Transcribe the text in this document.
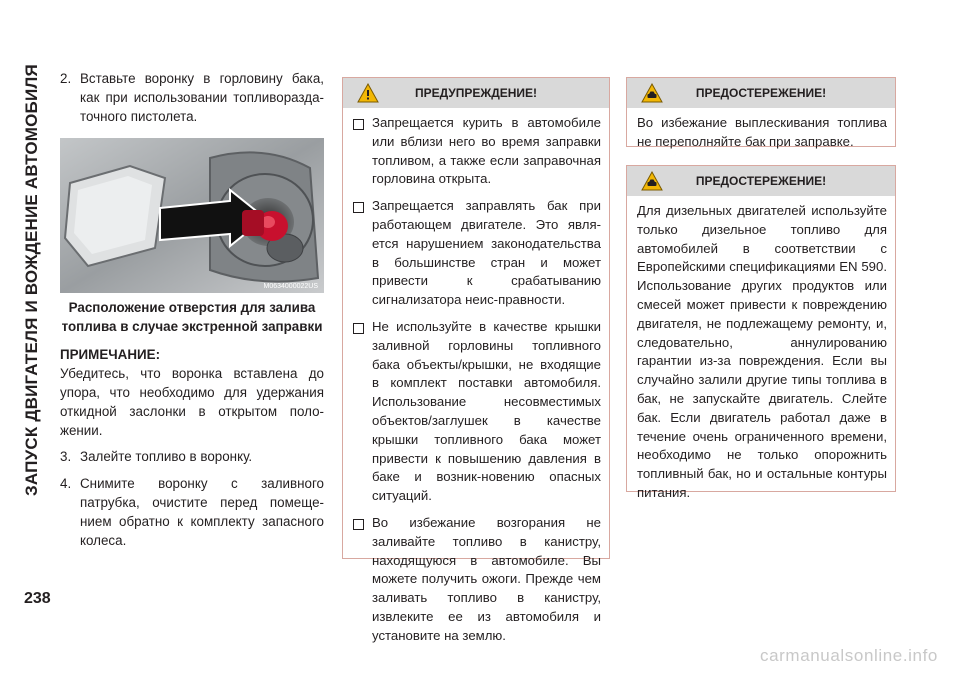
ЗАПУСК ДВИГАТЕЛЯ И ВОЖДЕНИЕ АВТОМОБИЛЯ
238
2. Вставьте воронку в горловину бака, как при использовании топливоразда-точного пистолета.
M0634000022US
Расположение отверстия для залива топлива в случае экстренной заправки
ПРИМЕЧАНИЕ:
Убедитесь, что воронка вставлена до упора, что необходимо для удержания откидной заслонки в открытом поло-жении.
3. Залейте топливо в воронку.
4. Снимите воронку с заливного патрубка, очистите перед помеще-нием обратно к комплекту запасного колеса.
ПРЕДУПРЕЖДЕНИЕ!
Запрещается курить в автомобиле или вблизи него во время заправки топливом, а также если заправочная горловина открыта.
Запрещается заправлять бак при работающем двигателе. Это явля-ется нарушением законодательства в большинстве стран и может привести к срабатыванию сигнализатора неис-правности.
Не используйте в качестве крышки заливной горловины топливного бака объекты/крышки, не входящие в комплект поставки автомобиля. Использование несовместимых объектов/заглушек в качестве крышки топливного бака может привести к повышению давления в баке и возник-новению опасных ситуаций.
Во избежание возгорания не заливайте топливо в канистру, находящуюся в автомобиле. Вы можете получить ожоги. Прежде чем заливать топливо в канистру, извлеките ее из автомобиля и установите на землю.
ПРЕДОСТЕРЕЖЕНИЕ!
Во избежание выплескивания топлива не переполняйте бак при заправке.
ПРЕДОСТЕРЕЖЕНИЕ!
Для дизельных двигателей используйте только дизельное топливо для автомобилей в соответствии с Европейскими спецификациями EN 590. Использование других продуктов или смесей может привести к повреждению двигателя, не подлежащему ремонту, и, следовательно, аннулированию гарантии из-за повреждения. Если вы случайно залили другие типы топлива в бак, не запускайте двигатель. Слейте бак. Если двигатель работал даже в течение очень ограниченного времени, необходимо не только опорожнить топливный бак, но и остальные контуры питания.
carmanualsonline.info
